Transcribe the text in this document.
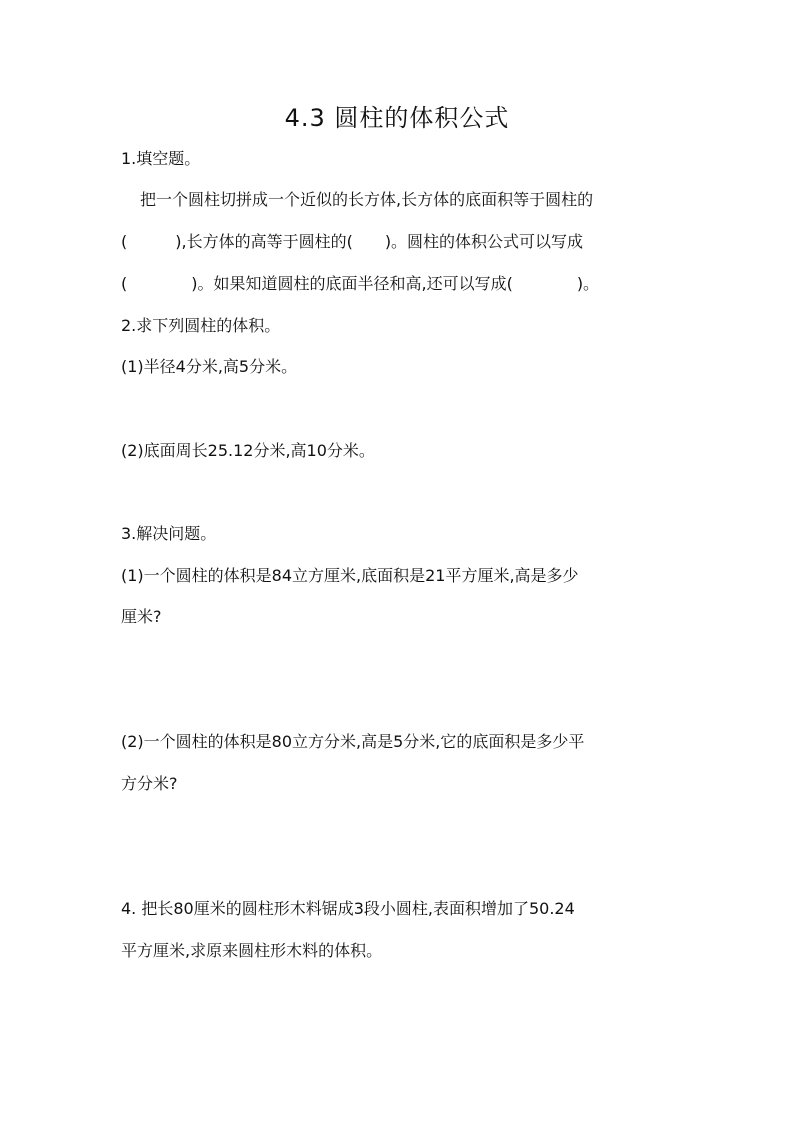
4.3 圆柱的体积公式
1.填空题。
把一个圆柱切拼成一个近似的长方体,长方体的底面积等于圆柱的
(　　　),长方体的高等于圆柱的(　　)。圆柱的体积公式可以写成
(　　　　)。如果知道圆柱的底面半径和高,还可以写成(　　　　)。
2.求下列圆柱的体积。
(1)半径4分米,高5分米。
(2)底面周长25.12分米,高10分米。
3.解决问题。
(1)一个圆柱的体积是84立方厘米,底面积是21平方厘米,高是多少
厘米?
(2)一个圆柱的体积是80立方分米,高是5分米,它的底面积是多少平
方分米?
4. 把长80厘米的圆柱形木料锯成3段小圆柱,表面积增加了50.24
平方厘米,求原来圆柱形木料的体积。
